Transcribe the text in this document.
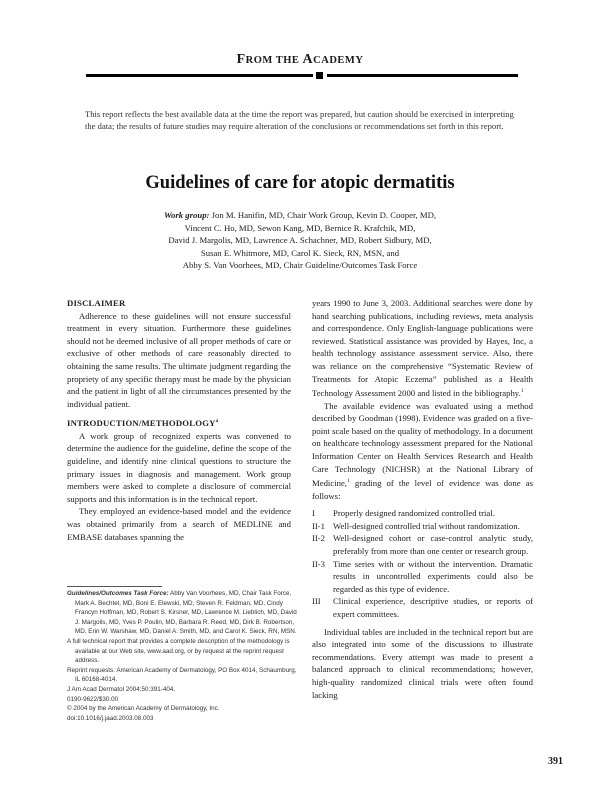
FROM THE ACADEMY
This report reflects the best available data at the time the report was prepared, but caution should be exercised in interpreting the data; the results of future studies may require alteration of the conclusions or recommendations set forth in this report.
Guidelines of care for atopic dermatitis
Work group: Jon M. Hanifin, MD, Chair Work Group, Kevin D. Cooper, MD,
Vincent C. Ho, MD, Sewon Kang, MD, Bernice R. Krafchik, MD,
David J. Margolis, MD, Lawrence A. Schachner, MD, Robert Sidbury, MD,
Susan E. Whitmore, MD, Carol K. Sieck, RN, MSN, and
Abby S. Van Voorhees, MD, Chair Guideline/Outcomes Task Force
DISCLAIMER

Adherence to these guidelines will not ensure successful treatment in every situation. Furthermore these guidelines should not be deemed inclusive of all proper methods of care or exclusive of other methods of care reasonably directed to obtaining the same results. The ultimate judgment regarding the propriety of any specific therapy must be made by the physician and the patient in light of all the circumstances presented by the individual patient.

INTRODUCTION/METHODOLOGY$^a$

A work group of recognized experts was convened to determine the audience for the guideline, define the scope of the guideline, and identify nine clinical questions to structure the primary issues in diagnosis and management. Work group members were asked to complete a disclosure of commercial supports and this information is in the technical report.

They employed an evidence-based model and the evidence was obtained primarily from a search of MEDLINE and EMBASE databases spanning the

Guidelines/Outcomes Task Force: Abby Van Voorhees, MD, Chair Task Force, Mark A. Bechtel, MD, Boni E. Elewski, MD, Steven R. Feldman, MD, Cindy Francyn Hoffman, MD, Robert S. Kirsner, MD, Lawrence M. Lieblich, MD, David J. Margolis, MD, Yves P. Poulin, MD, Barbara R. Reed, MD, Dirk B. Robertson, MD, Erin W. Warshaw, MD, Daniel A. Smith, MD, and Carol K. Sieck, RN, MSN.
A full technical report that provides a complete description of the methodology is available at our Web site, www.aad.org, or by request at the reprint request address.
Reprint requests: American Academy of Dermatology, PO Box 4014, Schaumburg, IL 60168-4014.
J Am Acad Dermatol 2004;50:391-404.
0190-9622/$30.00
© 2004 by the American Academy of Dermatology, Inc.
doi:10.1016/j.jaad.2003.08.003

years 1990 to June 3, 2003. Additional searches were done by hand searching publications, including reviews, meta analysis and correspondence. Only English-language publications were reviewed. Statistical assistance was provided by Hayes, Inc, a health technology assistance assessment service. Also, there was reliance on the comprehensive “Systematic Review of Treatments for Atopic Eczema” published as a Health Technology Assessment 2000 and listed in the bibliography.$^1$

The available evidence was evaluated using a method described by Goodman (1998). Evidence was graded on a five-point scale based on the quality of methodology. In a document on healthcare technology assessment prepared for the National Information Center on Health Services Research and Health Care Technology (NICHSR) at the National Library of Medicine,$^1$ grading of the level of evidence was done as follows:

I	Properly designed randomized controlled trial.
II-1 Well-designed controlled trial without randomization.
II-2 Well-designed cohort or case-control analytic study, preferably from more than one center or research group.
II-3 Time series with or without the intervention. Dramatic results in uncontrolled experiments could also be regarded as this type of evidence.
III	Clinical experience, descriptive studies, or reports of expert committees.

Individual tables are included in the technical report but are also integrated into some of the discussions to illustrate recommendations. Every attempt was made to present a balanced approach to clinical recommendations; however, high-quality randomized clinical trials were often found lacking

391
